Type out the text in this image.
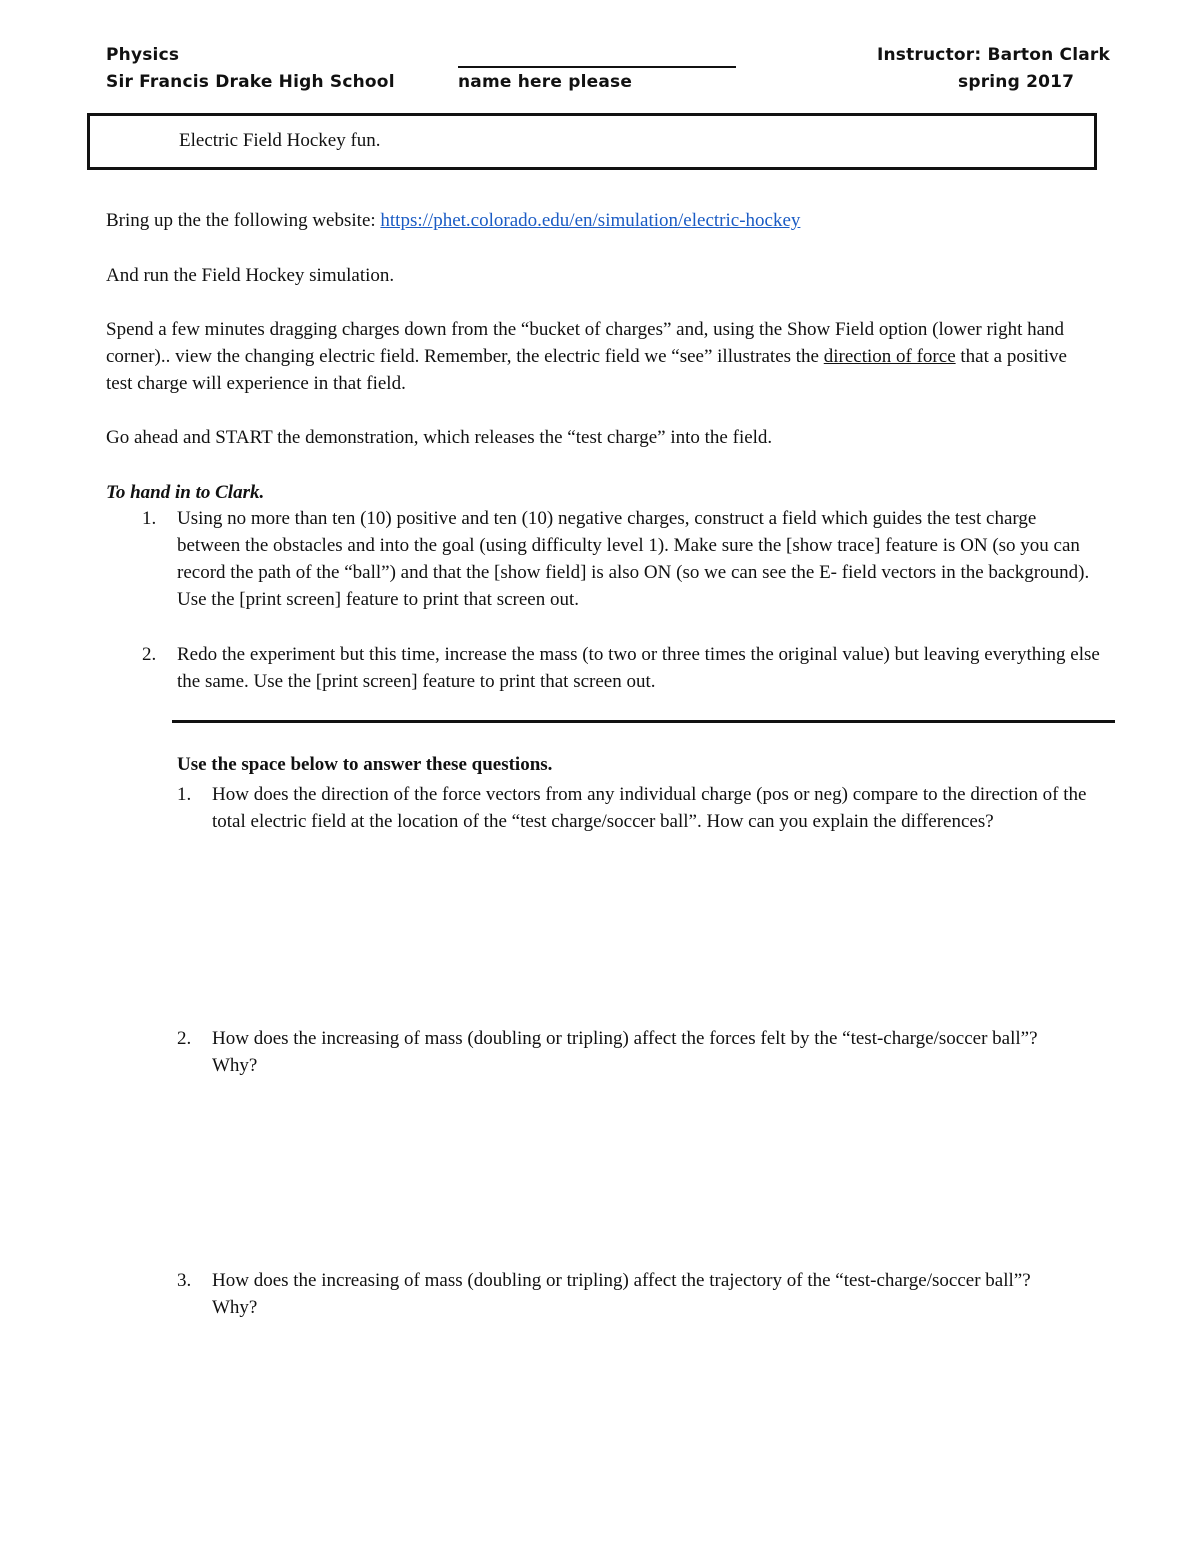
Physics
Sir Francis Drake High School	name here please
Instructor: Barton Clark
spring 2017
Electric Field Hockey fun.

Bring up the the following website: https://phet.colorado.edu/en/simulation/electric-hockey

And run the Field Hockey simulation.

Spend a few minutes dragging charges down from the “bucket of charges” and, using the Show Field option (lower right hand corner).. view the changing electric field. Remember, the electric field we “see” illustrates the direction of force that a positive test charge will experience in that field.

Go ahead and START the demonstration, which releases the “test charge” into the field.

To hand in to Clark.

1. Using no more than ten (10) positive and ten (10) negative charges, construct a field which guides the test charge between the obstacles and into the goal (using difficulty level 1). Make sure the [show trace] feature is ON (so you can record the path of the “ball”) and that the [show field] is also ON (so we can see the E- field vectors in the background). Use the [print screen] feature to print that screen out.
2. Redo the experiment but this time, increase the mass (to two or three times the original value) but leaving everything else the same. Use the [print screen] feature to print that screen out.
Use the space below to answer these questions.
1. How does the direction of the force vectors from any individual charge (pos or neg) compare to the direction of the total electric field at the location of the “test charge/soccer ball”. How can you explain the differences?
2. How does the increasing of mass (doubling or tripling) affect the forces felt by the “test-charge/soccer ball”? Why?
3. How does the increasing of mass (doubling or tripling) affect the trajectory of the “test-charge/soccer ball”? Why?
